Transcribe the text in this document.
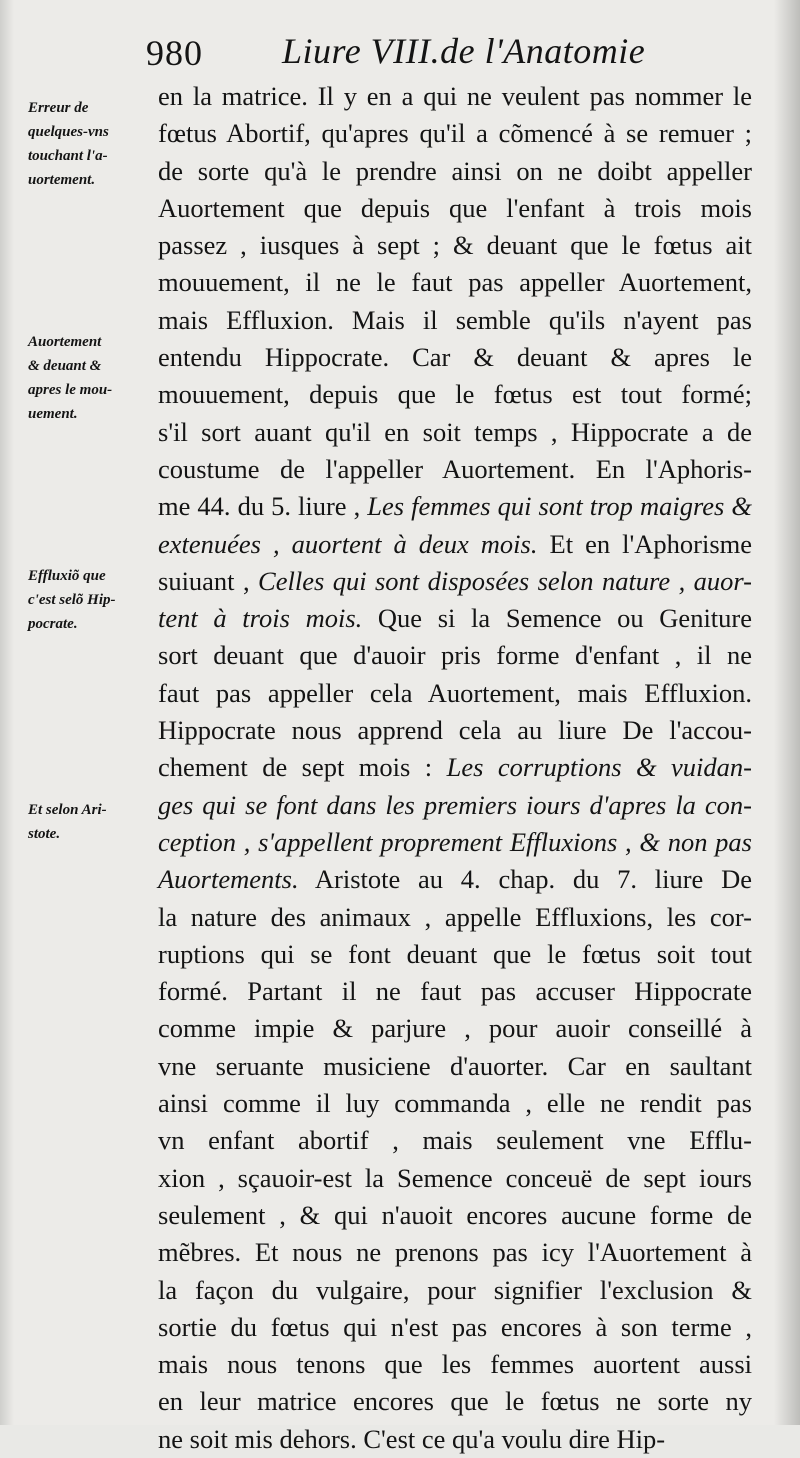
980 Liure VIII.de l'Anatomie
Erreur de
quelques-vns
touchant l'a-
uortement.
Auortement
& deuant &
apres le mou-
uement.
Effluxiõ que
c'est selõ Hip-
pocrate.
Et selon Ari-
stote.
en la matrice. Il y en a qui ne veulent pas nommer le
fœtus Abortif, qu'apres qu'il a cõmencé à se remuer ;
de sorte qu'à le prendre ainsi on ne doibt appeller
Auortement que depuis que l'enfant à trois mois
passez , iusques à sept ; & deuant que le fœtus ait
mouuement, il ne le faut pas appeller Auortement,
mais Effluxion. Mais il semble qu'ils n'ayent pas
entendu Hippocrate. Car & deuant & apres le
mouuement, depuis que le fœtus est tout formé;
s'il sort auant qu'il en soit temps , Hippocrate a de
coustume de l'appeller Auortement. En l'Aphoris-
me 44. du 5. liure , Les femmes qui sont trop maigres &
extenuées , auortent à deux mois. Et en l'Aphorisme
suiuant , Celles qui sont disposées selon nature , auor-
tent à trois mois. Que si la Semence ou Geniture
sort deuant que d'auoir pris forme d'enfant , il ne
faut pas appeller cela Auortement, mais Effluxion.
Hippocrate nous apprend cela au liure De l'accou-
chement de sept mois : Les corruptions & vuidan-
ges qui se font dans les premiers iours d'apres la con-
ception , s'appellent proprement Effluxions , & non pas
Auortements. Aristote au 4. chap. du 7. liure De
la nature des animaux , appelle Effluxions, les cor-
ruptions qui se font deuant que le fœtus soit tout
formé. Partant il ne faut pas accuser Hippocrate
comme impie & parjure , pour auoir conseillé à
vne seruante musiciene d'auorter. Car en saultant
ainsi comme il luy commanda , elle ne rendit pas
vn enfant abortif , mais seulement vne Efflu-
xion , sçauoir-est la Semence conceuë de sept iours
seulement , & qui n'auoit encores aucune forme de
mẽbres. Et nous ne prenons pas icy l'Auortement à
la façon du vulgaire, pour signifier l'exclusion &
sortie du fœtus qui n'est pas encores à son terme ,
mais nous tenons que les femmes auortent aussi
en leur matrice encores que le fœtus ne sorte ny
ne soit mis dehors. C'est ce qu'a voulu dire Hip-
